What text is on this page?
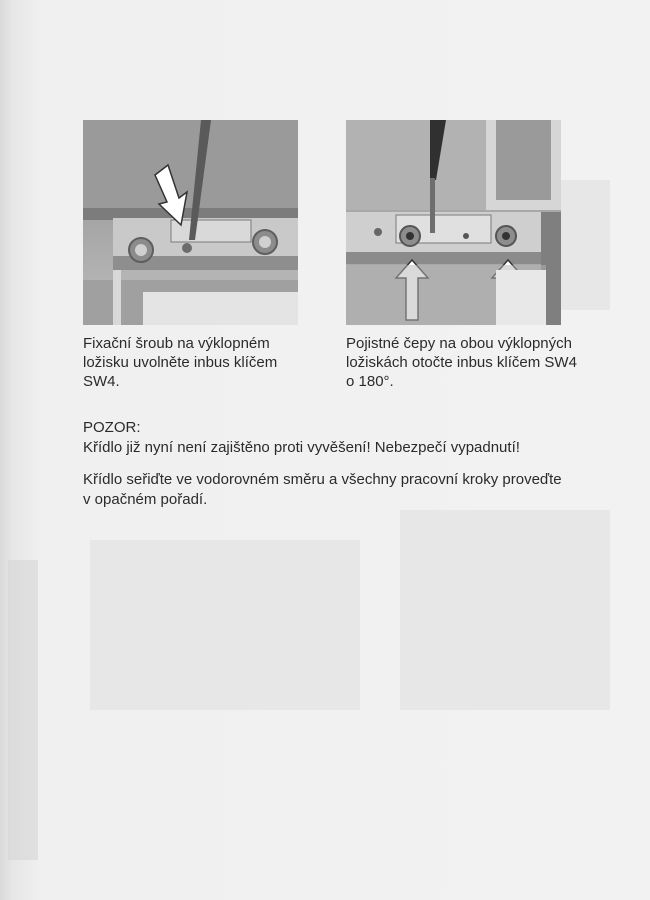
Fixační šroub na výklopném
ložisku uvolněte inbus klíčem
SW4.
Pojistné čepy na obou výklopných
ložiskách otočte inbus klíčem SW4
o 180°.
POZOR:
Křídlo již nyní není zajištěno proti vyvěšení! Nebezpečí vypadnutí!
Křídlo seřiďte ve vodorovném směru a všechny pracovní kroky proveďte
v opačném pořadí.
